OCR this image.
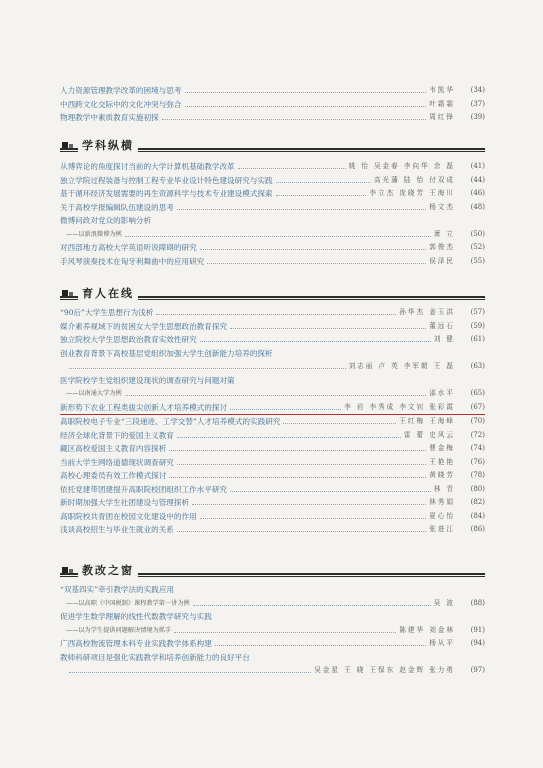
人力资源管理教学改革的困境与思考	韦凯华	(34)
中西跨文化交际中的文化冲突与弥合	叶霜霜	(37)
物理教学中素质教育实施初探	周红锋	(39)
学科纵横
从博弈论的角度探讨当前的大学计算机基础教学改革	姚 怡 吴金春 李向华 余 磊	(41)
独立学院过程装备与控制工程专业毕业设计特色建设研究与实践	高光藩 陆 怡 付双成	(44)
基于循环经济发展需要的再生资源科学与技术专业建设模式探索	李立杰 庞晓芳 王海川	(46)
关于高校学报编辑队伍建设的思考	杨文杰	(48)
微博问政对党众的影响分析
——以新浪微博为例	萧 立	(50)
对西部地方高校大学英语听说障碍的研究	郭俊杰	(52)
手风琴演奏技术在匈牙利舞曲中的应用研究	侯泽民	(55)
育人在线
“90后”大学生思想行为浅析	孙华杰 姜玉洪	(57)
媒介素养视域下的贫困女大学生思想政治教育探究	董远石	(59)
独立院校大学生思想政治教育实效性研究	刘 健	(61)
创业教育背景下高校基层党组织加强大学生创新能力培养的探析
刘志丽 卢 英 李军朝 王 磊	(63)
医学院校学生党组织建设现状的调查研究与问题对策
——以南通大学为例	邵水平	(65)
新形势下农业工程类拔尖创新人才培养模式的探讨	李 岩 李秀成 李文钊 张彩霞	(67)
高职院校电子专业“三段递进、工学交替”人才培养模式的实践研究	王红梅 王海峰	(70)
经济全球化背景下的爱国主义教育	雷 蕾 史风云	(72)
藏区高校爱国主义教育内容探析	曹金梅	(74)
当前大学生网络道德现状调查研究	王艳艳	(76)
高校心理委员有效工作模式探讨	黄晓芳	(78)
依托党建带团建提升高职院校团组织工作水平研究	林 青	(80)
新时期加强大学生社团建设与管理探析	林秀娟	(82)
高职院校共青团在校园文化建设中的作用	夏心怡	(84)
浅谈高校招生与毕业生就业的关系	张进江	(86)
教改之窗
“双基四实”牵引教学法的实践应用
——以高职《中国税制》课程教学第一讲为例	吴 波	(88)
促进学生数学理解的线性代数教学研究与实践
——以为学生提供问题解决情境为抓手	陈建华 刘金林	(91)
广西高校物流管理本科专业实践教学体系构建	杨从平	(94)
教师科研项目是强化实践教学和培养创新能力的良好平台
吴金星 王 晓 王保东 赵金辉 张力勇	(97)
